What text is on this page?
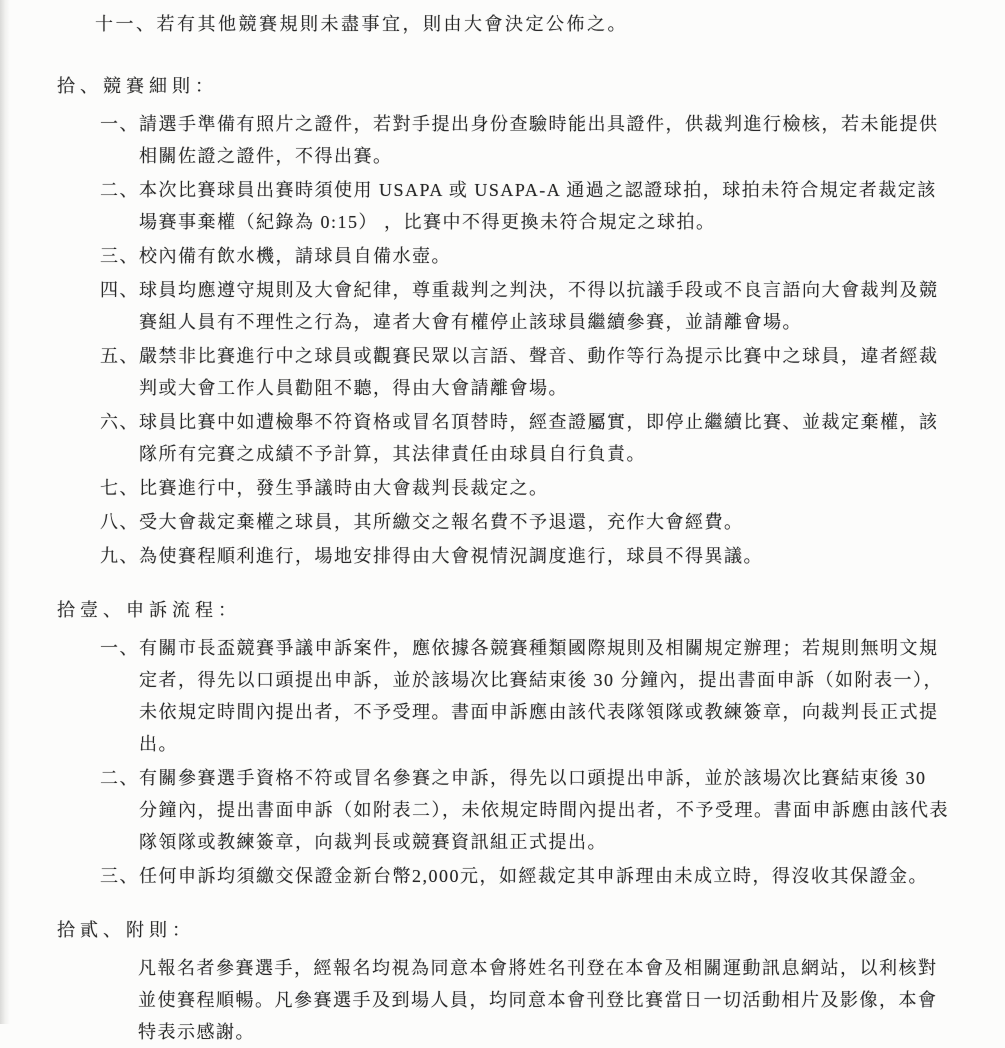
十一、 若有其他競賽規則未盡事宜，則由大會決定公佈之。
拾、競賽細則：
一、 請選手準備有照片之證件，若對手提出身份查驗時能出具證件，供裁判進行檢核，若未能提供相關佐證之證件，不得出賽。
二、 本次比賽球員出賽時須使用 USAPA 或 USAPA-A 通過之認證球拍，球拍未符合規定者裁定該場賽事棄權（紀錄為 0:15） ，比賽中不得更換未符合規定之球拍。
三、 校內備有飲水機，請球員自備水壺。
四、 球員均應遵守規則及大會紀律，尊重裁判之判決，不得以抗議手段或不良言語向大會裁判及競賽組人員有不理性之行為，違者大會有權停止該球員繼續參賽，並請離會場。
五、 嚴禁非比賽進行中之球員或觀賽民眾以言語、聲音、動作等行為提示比賽中之球員，違者經裁判或大會工作人員勸阻不聽，得由大會請離會場。
六、 球員比賽中如遭檢舉不符資格或冒名頂替時，經查證屬實，即停止繼續比賽、並裁定棄權，該隊所有完賽之成績不予計算，其法律責任由球員自行負責。
七、 比賽進行中，發生爭議時由大會裁判長裁定之。
八、 受大會裁定棄權之球員，其所繳交之報名費不予退還，充作大會經費。
九、 為使賽程順利進行，場地安排得由大會視情況調度進行，球員不得異議。
拾壹、申訴流程：
一、 有關市長盃競賽爭議申訴案件，應依據各競賽種類國際規則及相關規定辦理；若規則無明文規定者，得先以口頭提出申訴，並於該場次比賽結束後 30 分鐘內，提出書面申訴（如附表一），未依規定時間內提出者，不予受理。書面申訴應由該代表隊領隊或教練簽章，向裁判長正式提出。
二、 有關參賽選手資格不符或冒名參賽之申訴，得先以口頭提出申訴，並於該場次比賽結束後 30 分鐘內，提出書面申訴（如附表二），未依規定時間內提出者，不予受理。書面申訴應由該代表隊領隊或教練簽章，向裁判長或競賽資訊組正式提出。
三、 任何申訴均須繳交保證金新台幣2,000元，如經裁定其申訴理由未成立時，得沒收其保證金。
拾貳、附則：
凡報名者參賽選手，經報名均視為同意本會將姓名刊登在本會及相關運動訊息網站，以利核對並使賽程順暢。凡參賽選手及到場人員，均同意本會刊登比賽當日一切活動相片及影像，本會特表示感謝。
